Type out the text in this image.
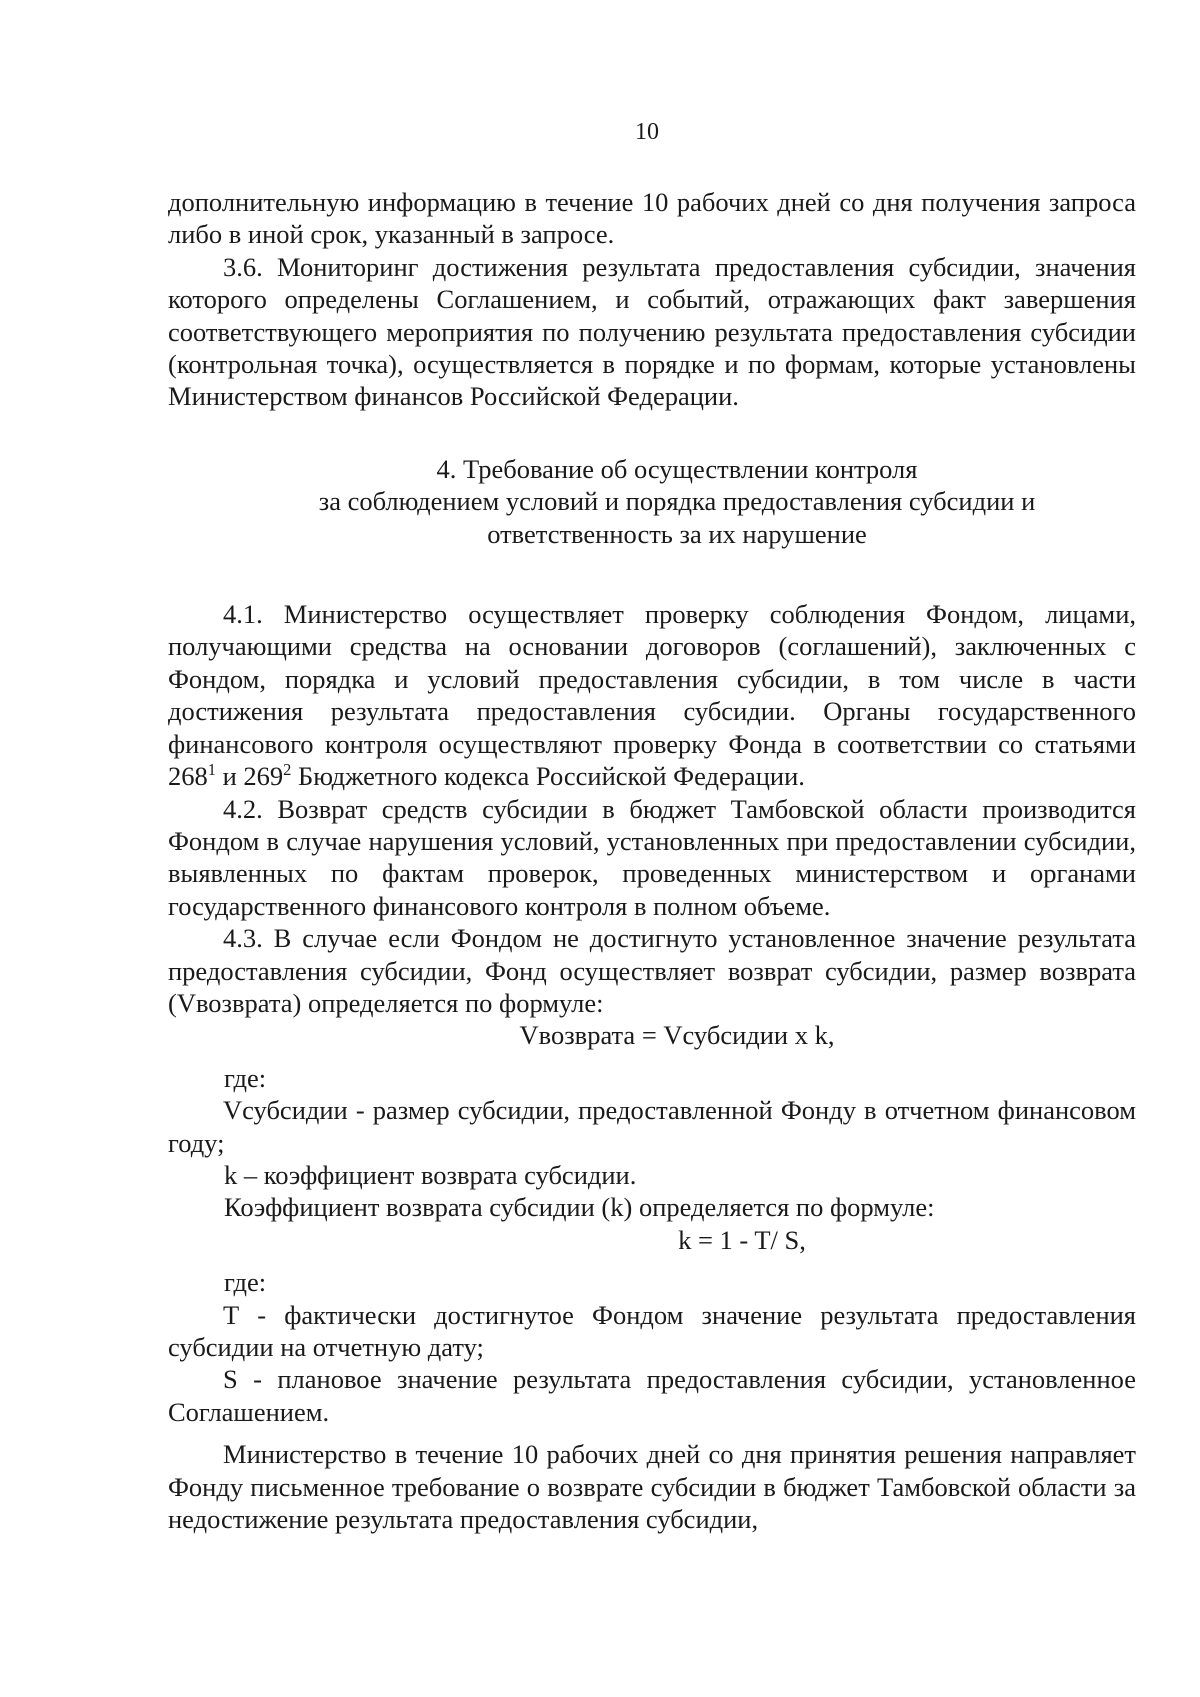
10

дополнительную информацию в течение 10 рабочих дней со дня получения запроса либо в иной срок, указанный в запросе.

3.6. Мониторинг достижения результата предоставления субсидии, значения которого определены Соглашением, и событий, отражающих факт завершения соответствующего мероприятия по получению результата предоставления субсидии (контрольная точка), осуществляется в порядке и по формам, которые установлены Министерством финансов Российской Федерации.

4. Требование об осуществлении контроля
за соблюдением условий и порядка предоставления субсидии и
ответственность за их нарушение

4.1. Министерство осуществляет проверку соблюдения Фондом, лицами, получающими средства на основании договоров (соглашений), заключенных с Фондом, порядка и условий предоставления субсидии, в том числе в части достижения результата предоставления субсидии. Органы государственного финансового контроля осуществляют проверку Фонда в соответствии со статьями $268^1$ и $269^2$ Бюджетного кодекса Российской Федерации.

4.2. Возврат средств субсидии в бюджет Тамбовской области производится Фондом в случае нарушения условий, установленных при предоставлении субсидии, выявленных по фактам проверок, проведенных министерством и органами государственного финансового контроля в полном объеме.

4.3. В случае если Фондом не достигнуто установленное значение результата предоставления субсидии, Фонд осуществляет возврат субсидии, размер возврата (Vвозврата) определяется по формуле:

Vвозврата = Vсубсидии x k,
где:

Vсубсидии - размер субсидии, предоставленной Фонду в отчетном финансовом году;

k – коэффициент возврата субсидии.
Коэффициент возврата субсидии (k) определяется по формуле:
k = 1 - T/ S,
где:

Т - фактически достигнутое Фондом значение результата предоставления субсидии на отчетную дату;

S - плановое значение результата предоставления субсидии, установленное Соглашением.

Министерство в течение 10 рабочих дней со дня принятия решения направляет Фонду письменное требование о возврате субсидии в бюджет Тамбовской области за недостижение результата предоставления субсидии,
